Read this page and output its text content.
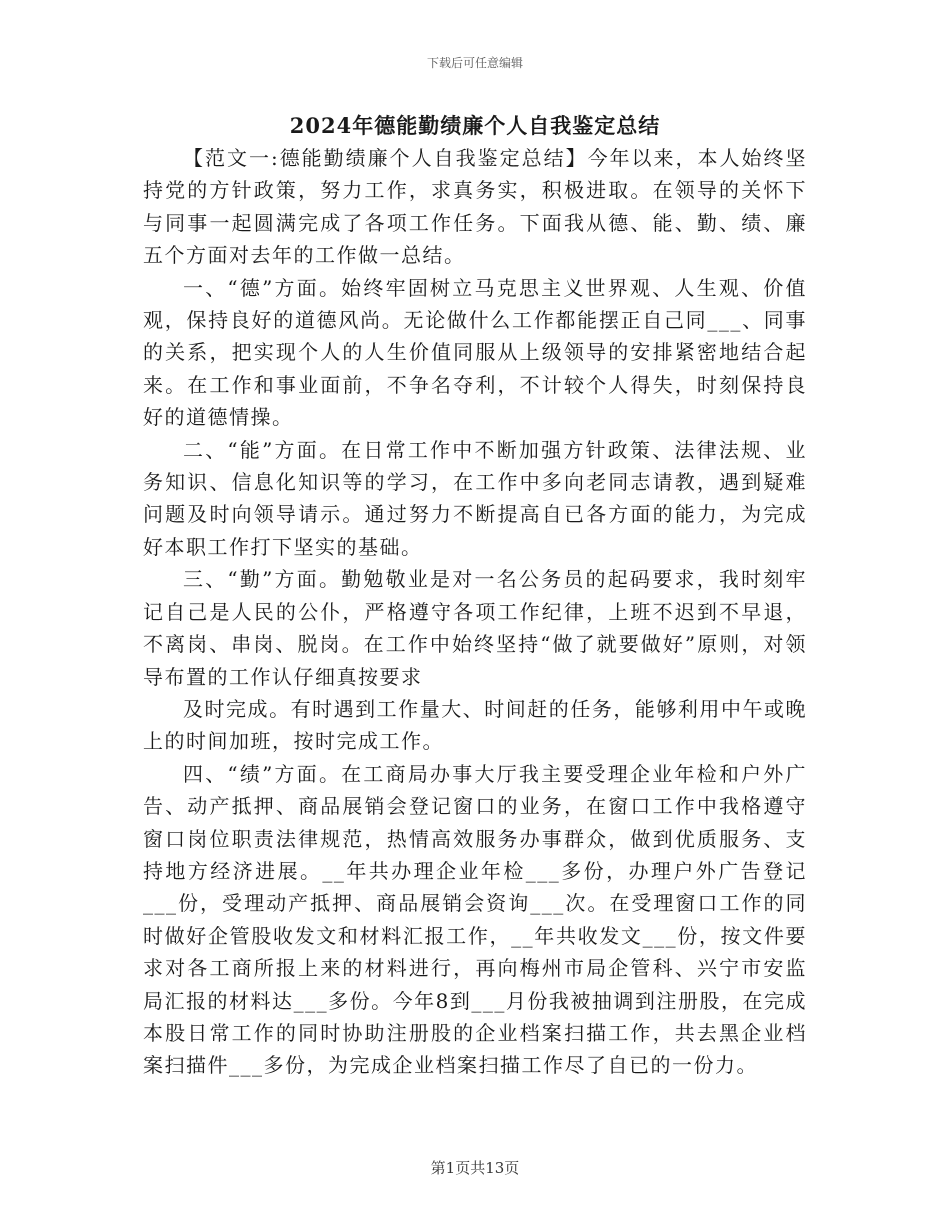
下载后可任意编辑
2024年德能勤绩廉个人自我鉴定总结

【范文一:德能勤绩廉个人自我鉴定总结】今年以来，本人始终坚持党的方针政策，努力工作，求真务实，积极进取。在领导的关怀下与同事一起圆满完成了各项工作任务。下面我从德、能、勤、绩、廉五个方面对去年的工作做一总结。

一、“德”方面。始终牢固树立马克思主义世界观、人生观、价值观，保持良好的道德风尚。无论做什么工作都能摆正自己同___、同事的关系，把实现个人的人生价值同服从上级领导的安排紧密地结合起来。在工作和事业面前，不争名夺利，不计较个人得失，时刻保持良好的道德情操。

二、“能”方面。在日常工作中不断加强方针政策、法律法规、业务知识、信息化知识等的学习，在工作中多向老同志请教，遇到疑难问题及时向领导请示。通过努力不断提高自已各方面的能力，为完成好本职工作打下坚实的基础。

三、“勤”方面。勤勉敬业是对一名公务员的起码要求，我时刻牢记自己是人民的公仆，严格遵守各项工作纪律，上班不迟到不早退，不离岗、串岗、脱岗。在工作中始终坚持“做了就要做好”原则，对领导布置的工作认仔细真按要求

及时完成。有时遇到工作量大、时间赶的任务，能够利用中午或晚上的时间加班，按时完成工作。

四、“绩”方面。在工商局办事大厅我主要受理企业年检和户外广告、动产抵押、商品展销会登记窗口的业务，在窗口工作中我格遵守窗口岗位职责法律规范，热情高效服务办事群众，做到优质服务、支持地方经济进展。__年共办理企业年检___多份，办理户外广告登记___份，受理动产抵押、商品展销会资询___次。在受理窗口工作的同时做好企管股收发文和材料汇报工作，__年共收发文___份，按文件要求对各工商所报上来的材料进行，再向梅州市局企管科、兴宁市安监局汇报的材料达___多份。今年8到___月份我被抽调到注册股，在完成本股日常工作的同时协助注册股的企业档案扫描工作，共去黑企业档案扫描件___多份，为完成企业档案扫描工作尽了自已的一份力。

第1页共13页
